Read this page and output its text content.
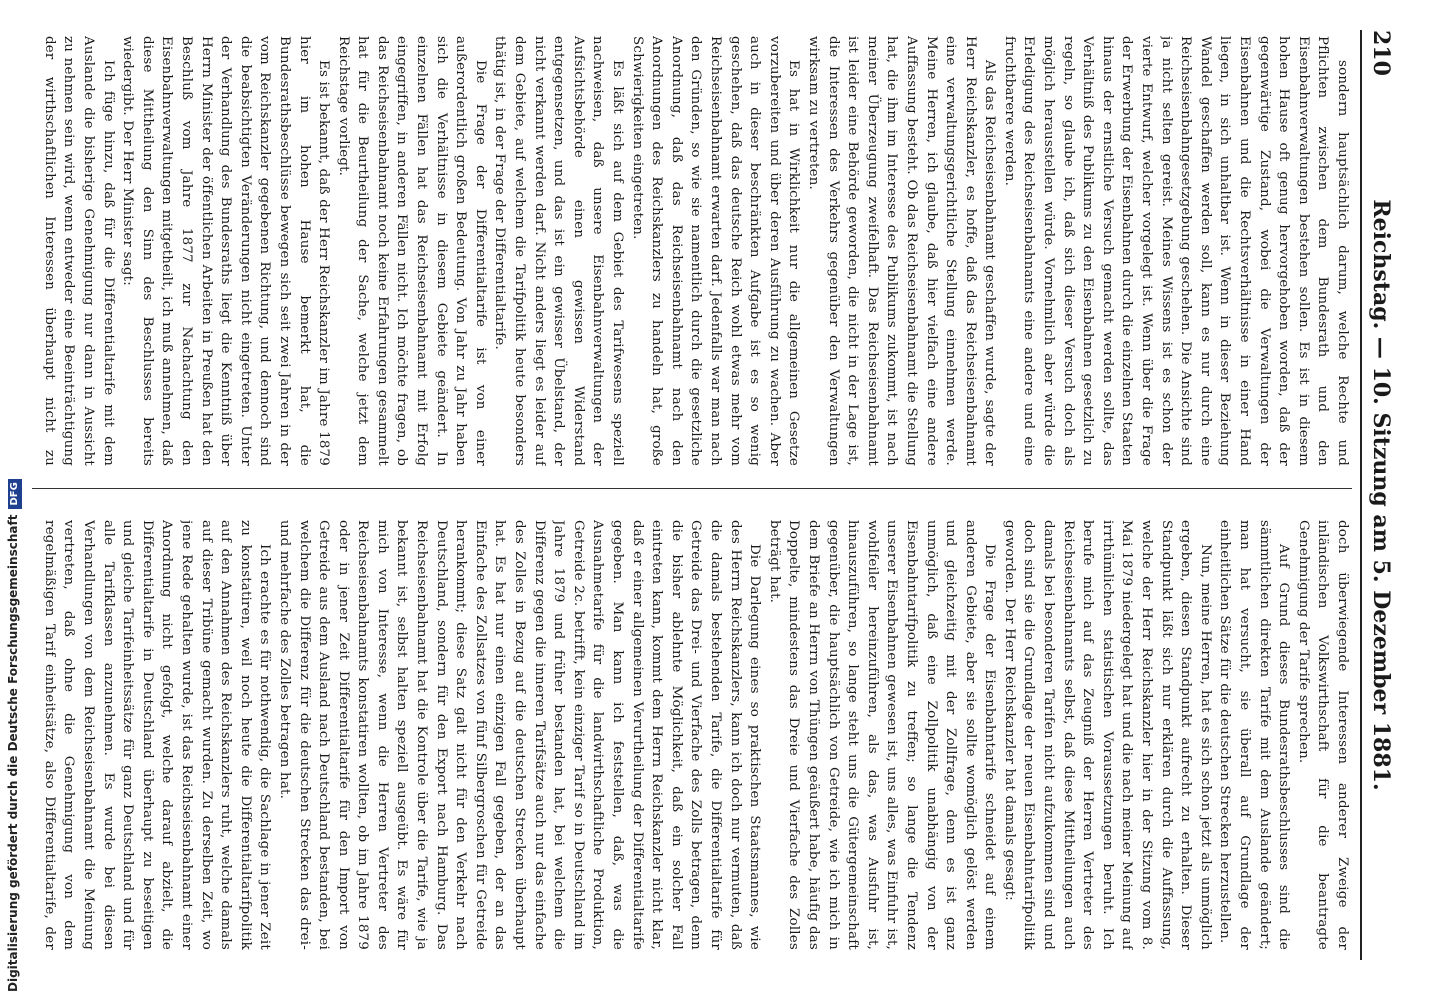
210
Reichstag. — 10. Sitzung am 5. Dezember 1881.

sondern hauptsächlich darum, welche Rechte und Pflichten zwischen dem Bundesrath und den Eisenbahnverwaltungen bestehen sollen. Es ist in diesem hohen Hause oft genug hervorgehoben worden, daß der gegenwärtige Zustand, wobei die Verwaltungen der Eisenbahnen und die Rechtsverhältnisse in einer Hand liegen, in sich unhaltbar ist. Wenn in dieser Beziehung Wandel geschaffen werden soll, kann es nur durch eine Reichseisenbahngesetzgebung geschehen. Die Ansichte sind ja nicht selten gereist. Meines Wissens ist es schon der vierte Entwurf, welcher vorgelegt ist. Wenn über die Frage der Erwerbung der Eisenbahnen durch die einzelnen Staaten hinaus der ernstliche Versuch gemacht werden sollte, das Verhältniß des Publikums zu den Eisenbahnen gesetzlich zu regeln, so glaube ich, daß sich dieser Versuch doch als möglich herausstellen würde. Vornehmlich aber würde die Erledigung des Reichseisenbahnamts eine andere und eine fruchtbarere werden.

Als das Reichseisenbahnamt geschaffen wurde, sagte der Herr Reichskanzler, es hoffe, daß das Reichseisenbahnamt eine verwaltungsgerichtliche Stellung einnehmen werde. Meine Herren, ich glaube, daß hier vielfach eine andere Auffassung besteht. Ob das Reichseisenbahnamt die Stellung hat, die ihm im Interesse des Publikums zukommt, ist nach meiner Überzeugung zweifelhaft. Das Reichseisenbahnamt ist leider eine Behörde geworden, die nicht in der Lage ist, die Interessen des Verkehrs gegenüber den Verwaltungen wirksam zu vertreten.

Es hat in Wirklichkeit nur die allgemeinen Gesetze vorzubereiten und über deren Ausführung zu wachen. Aber auch in dieser beschränkten Aufgabe ist es so wenig geschehen, daß das deutsche Reich wohl etwas mehr vom Reichseisenbahnamt erwarten darf. Jedenfalls war man nach den Gründen, so wie sie namentlich durch die gesetzliche Anordnung, daß das Reichseisenbahnamt nach den Anordnungen des Reichskanzlers zu handeln hat, große Schwierigkeiten eingetreten.

Es läßt sich auf dem Gebiet des Tarifwesens speziell nachweisen, daß unsere Eisenbahnverwaltungen der Aufsichtsbehörde einen gewissen Widerstand entgegensetzen, und das ist ein gewisser Übelstand, der nicht verkannt werden darf. Nicht anders liegt es leider auf dem Gebiete, auf welchem die Tarifpolitik heute besonders thätig ist, in der Frage der Differentialtarife.

Die Frage der Differentialtarife ist von einer außerordentlich großen Bedeutung. Von Jahr zu Jahr haben sich die Verhältnisse in diesem Gebiete geändert. In einzelnen Fällen hat das Reichseisenbahnamt mit Erfolg eingegriffen, in anderen Fällen nicht. Ich möchte fragen, ob das Reichseisenbahnamt noch keine Erfahrungen gesammelt hat für die Beurtheilung der Sache, welche jetzt dem Reichstage vorliegt.

Es ist bekannt, daß der Herr Reichskanzler im Jahre 1879 hier im hohen Hause bemerkt hat, die Bundesrathsbeschlüsse bewegen sich seit zwei Jahren in der vom Reichskanzler gegebenen Richtung, und dennoch sind die beabsichtigten Veränderungen nicht eingetreten. Unter der Verhandlung des Bundesraths liegt die Kenntniß über Herrn Minister der öffentlichen Arbeiten in Preußen hat den Beschluß vom Jahre 1877 zur Nachachtung den Eisenbahnverwaltungen mitgetheilt, ich muß annehmen, daß diese Mittheilung den Sinn des Beschlusses bereits wiedergibt. Der Herr Minister sagt:

Ich füge hinzu, daß für die Differentialtarife mit dem Auslande die bisherige Genehmigung nur dann in Aussicht zu nehmen sein wird, wenn entweder eine Beeinträchtigung der wirthschaftlichen Interessen überhaupt nicht zu

doch überwiegende Interessen anderer Zweige der inländischen Volkswirthschaft für die beantragte Genehmigung der Tarife sprechen.

Auf Grund dieses Bundesrathsbeschlusses sind die sämmtlichen direkten Tarife mit dem Auslande geändert; man hat versucht, sie überall auf Grundlage der einheitlichen Sätze für die deutschen Strecken herzustellen.

Nun, meine Herren, hat es sich schon jetzt als unmöglich ergeben, diesen Standpunkt aufrecht zu erhalten. Dieser Standpunkt läßt sich nur erklären durch die Auffassung, welche der Herr Reichskanzler hier in der Sitzung vom 8. Mai 1879 niedergelegt hat und die nach meiner Meinung auf irrthümlichen statistischen Voraussetzungen beruht. Ich berufe mich auf das Zeugniß der Herren Vertreter des Reichseisenbahnamts selbst, daß diese Mittheilungen auch damals bei besonderen Tarifen nicht aufzukommen sind und doch sind sie die Grundlage der neuen Eisenbahntarifpolitik geworden. Der Herr Reichskanzler hat damals gesagt:

Die Frage der Eisenbahntarife schneidet auf einem anderen Gebiete, aber sie sollte womöglich gelöst werden und gleichzeitig mit der Zollfrage, denn es ist ganz unmöglich, daß eine Zollpolitik unabhängig von der Eisenbahntarifpolitik zu treffen; so lange die Tendenz unserer Eisenbahnen gewesen ist, uns alles, was Einfuhr ist, wohlfeiler hereinzuführen, als das, was Ausfuhr ist, hinauszuführen, so lange steht uns die Gütergemeinschaft gegenüber, die hauptsächlich von Getreide, wie ich mich in dem Briefe an Herrn von Thüngen geäußert habe, häufig das Doppelte, mindestens das Dreie und Vierfache des Zolles beträgt hat.

Die Darlegung eines so praktischen Staatsmannes, wie des Herrn Reichskanzlers, kann ich doch nur vermuten, daß die damals bestehenden Tarife, die Differentialtarife für Getreide das Drei- und Vierfache des Zolls betragen, denn die bisher ablehnte Möglichkeit, daß ein solcher Fall eintreten kann, kommt dem Herrn Reichskanzler nicht klar, daß er einer allgemeinen Verurtheilung der Differentialtarife gegeben. Man kann ich feststellen, daß, was die Ausnahmetarife für die landwirthschaftliche Produktion, Getreide 2c. betrifft, kein einziger Tarif so in Deutschland im Jahre 1879 und früher bestanden hat, bei welchem die Differenz gegen die inneren Tarifsätze auch nur das einfache des Zolles in Bezug auf die deutschen Strecken überhaupt hat. Es hat nur einen einzigen Fall gegeben, der an das Einfache des Zollsatzes von fünf Silbergroschen für Getreide herankommt; diese Satz galt nicht für den Verkehr nach Deutschland, sondern für den Export nach Hamburg. Das Reichseisenbahnamt hat die Kontrole über die Tarife, wie ja bekannt ist, selbst halten speziell ausgeübt. Es wäre für mich von Interesse, wenn die Herren Vertreter des Reichseisenbahnamts konstatiren wollten, ob im Jahre 1879 oder in jener Zeit Differentialtarife für den Import von Getreide aus dem Ausland nach Deutschland bestanden, bei welchem die Differenz für die deutschen Strecken das drei- und mehrfache des Zolles betragen hat.

Ich erachte es für nothwendig, die Sachlage in jener Zeit zu konstatiren, weil noch heute die Differentialtarifpolitik auf den Annahmen des Reichskanzlers ruht, welche damals auf dieser Tribüne gemacht wurden. Zu derselben Zeit, wo jene Rede gehalten wurde, ist das Reichseisenbahnamt einer Anordnung nicht gefolgt, welche darauf abzielt, die Differentialtarife in Deutschland überhaupt zu beseitigen und gleiche Tarifeinheitssätze für ganz Deutschland und für alle Tarifklassen anzunehmen. Es wurde bei diesen Verhandlungen von dem Reichseisenbahnamt die Meinung vertreten, daß ohne die Genehmigung von dem regelmäßigen Tarif einheitsätze, also Differentialtarife, der

Digitalisierung gefördert durch die Deutsche ForschungsgemeinschaftDFG
